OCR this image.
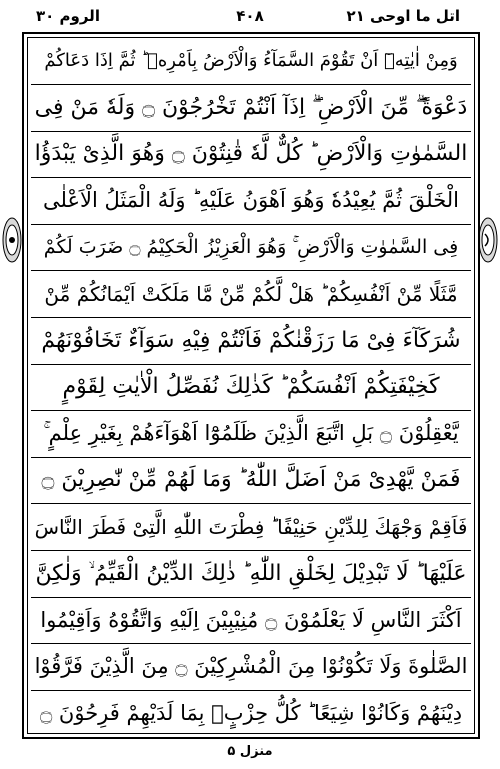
اتل ما اوحی ۲۱
۴۰۸
الروم ۳۰
وَمِنْ اٰيٰتِهٖٓ اَنْ تَقُوْمَ السَّمَآءُ وَالْاَرْضُ بِاَمْرِهٖ ؕ ثُمَّ اِذَا دَعَاكُمْ
دَعْوَةً ۖۗ مِّنَ الْاَرْضِ ۖۗ اِذَآ اَنْتُمْ تَخْرُجُوْنَ ۝ وَلَهٗ مَنْ فِى
السَّمٰوٰتِ وَالْاَرْضِ ؕ كُلٌّ لَّهٗ قٰنِتُوْنَ ۝ وَهُوَ الَّذِىْ يَبْدَؤُا
الْخَلْقَ ثُمَّ يُعِيْدُهٗ وَهُوَ اَهْوَنُ عَلَيْهِ ؕ وَلَهُ الْمَثَلُ الْاَعْلٰى
فِى السَّمٰوٰتِ وَالْاَرْضِ ۚ وَهُوَ الْعَزِيْزُ الْحَكِيْمُ ۝ ضَرَبَ لَكُمْ
مَّثَلًا مِّنْ اَنْفُسِكُمْ ؕ هَلْ لَّكُمْ مِّنْ مَّا مَلَكَتْ اَيْمَانُكُمْ مِّنْ
شُرَكَآءَ فِىْ مَا رَزَقْنٰكُمْ فَاَنْتُمْ فِيْهِ سَوَآءٌ تَخَافُوْنَهُمْ
كَخِيْفَتِكُمْ اَنْفُسَكُمْ ؕ كَذٰلِكَ نُفَصِّلُ الْاٰيٰتِ لِقَوْمٍ
يَّعْقِلُوْنَ ۝ بَلِ اتَّبَعَ الَّذِيْنَ ظَلَمُوْٓا اَهْوَآءَهُمْ بِغَيْرِ عِلْمٍ ۚ
فَمَنْ يَّهْدِىْ مَنْ اَضَلَّ اللّٰهُ ؕ وَمَا لَهُمْ مِّنْ نّٰصِرِيْنَ ۝
فَاَقِمْ وَجْهَكَ لِلدِّيْنِ حَنِيْفًا ؕ فِطْرَتَ اللّٰهِ الَّتِىْ فَطَرَ النَّاسَ
عَلَيْهَا ؕ لَا تَبْدِيْلَ لِخَلْقِ اللّٰهِ ؕ ذٰلِكَ الدِّيْنُ الْقَيِّمُ ۙ وَلٰكِنَّ
اَكْثَرَ النَّاسِ لَا يَعْلَمُوْنَ ۝ مُنِيْبِيْنَ اِلَيْهِ وَاتَّقُوْهُ وَاَقِيْمُوا
الصَّلٰوةَ وَلَا تَكُوْنُوْا مِنَ الْمُشْرِكِيْنَ ۝ مِنَ الَّذِيْنَ فَرَّقُوْا
دِيْنَهُمْ وَكَانُوْا شِيَعًا ؕ كُلُّ حِزْبٍۭ بِمَا لَدَيْهِمْ فَرِحُوْنَ ۝
منزل ۵
